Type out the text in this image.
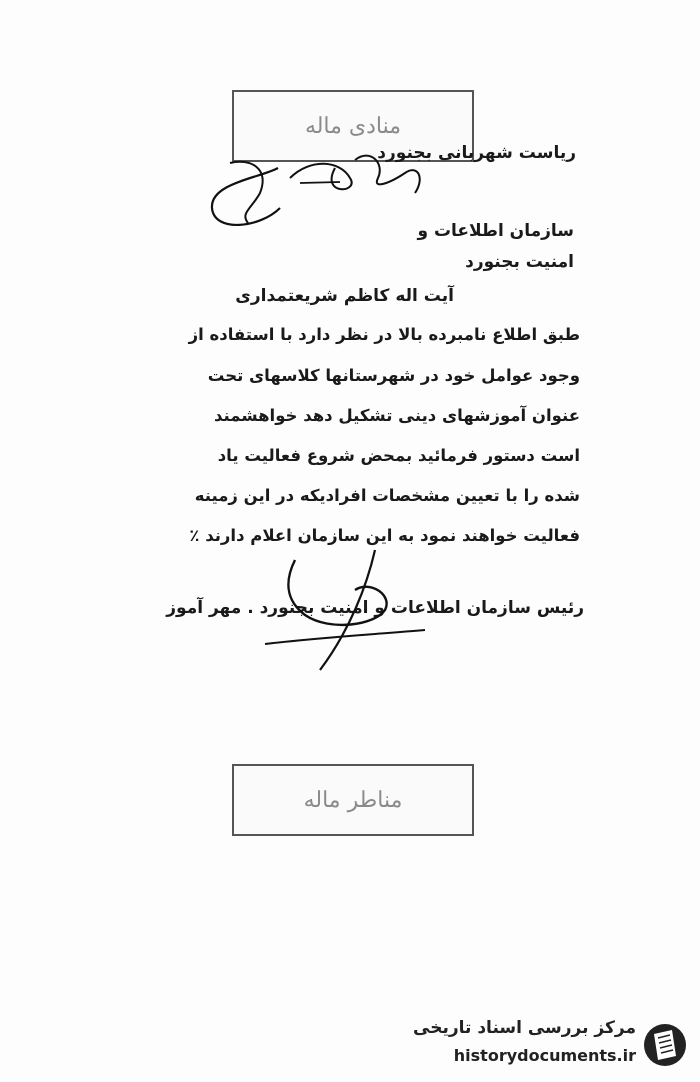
منادی ماله
ریاست شهربانی بجنورد
سازمان اطلاعات و
امنیت بجنورد
آیت اله کاظم شریعتمداری
طبق اطلاع نامبرده بالا در نظر دارد با استفاده از
وجود عوامل خود در شهرستانها کلاسهای تحت
عنوان آموزشهای دینی تشکیل دهد خواهشمند
است دستور فرمائید بمحض شروع فعالیت یاد
شده را با تعیین مشخصات افرادیکه در این زمینه
فعالیت خواهند نمود به این سازمان اعلام دارند ٪
رئیس سازمان اطلاعات و امنیت بجنورد . مهر آموز
مناطر ماله
مرکز بررسی اسناد تاریخی
historydocuments.ir
